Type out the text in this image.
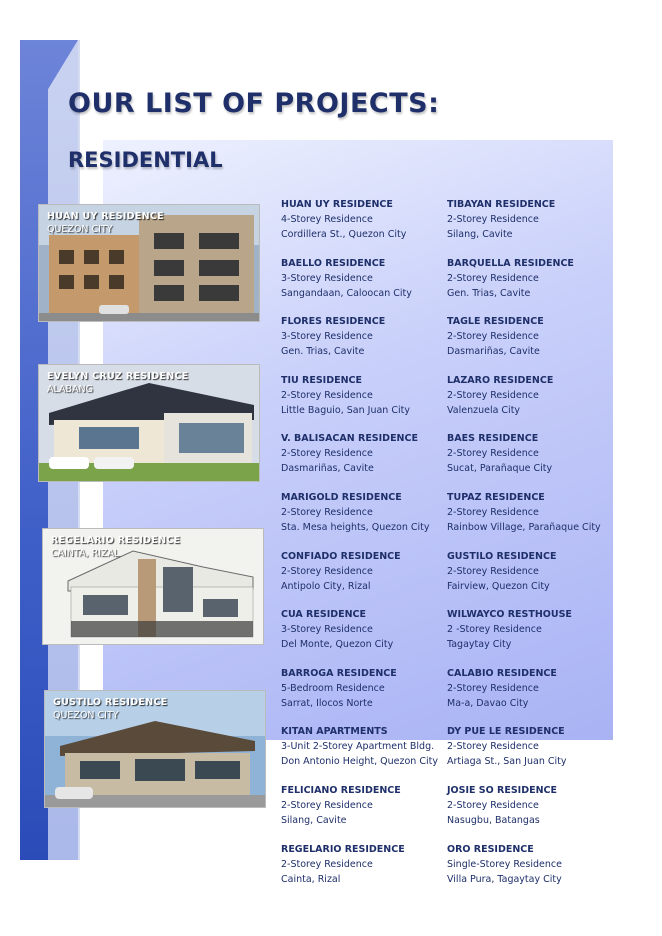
OUR LIST OF PROJECTS:
RESIDENTIAL
HUAN UY RESIDENCE
QUEZON CITY
EVELYN CRUZ RESIDENCE
ALABANG
REGELARIO RESIDENCE
CAINTA, RIZAL
GUSTILO RESIDENCE
QUEZON CITY
HUAN UY RESIDENCE
4-Storey Residence
Cordillera St., Quezon City
BAELLO RESIDENCE
3-Storey Residence
Sangandaan, Caloocan City
FLORES RESIDENCE
3-Storey Residence
Gen. Trias, Cavite
TIU RESIDENCE
2-Storey Residence
Little Baguio, San Juan City
V. BALISACAN RESIDENCE
2-Storey Residence
Dasmariñas, Cavite
MARIGOLD RESIDENCE
2-Storey Residence
Sta. Mesa heights, Quezon City
CONFIADO RESIDENCE
2-Storey Residence
Antipolo City, Rizal
CUA RESIDENCE
3-Storey Residence
Del Monte, Quezon City
BARROGA RESIDENCE
5-Bedroom Residence
Sarrat, Ilocos Norte
KITAN APARTMENTS
3-Unit 2-Storey Apartment Bldg.
Don Antonio Height, Quezon City
FELICIANO RESIDENCE
2-Storey Residence
Silang, Cavite
REGELARIO RESIDENCE
2-Storey Residence
Cainta, Rizal
TIBAYAN RESIDENCE
2-Storey Residence
Silang, Cavite
BARQUELLA RESIDENCE
2-Storey Residence
Gen. Trias, Cavite
TAGLE RESIDENCE
2-Storey Residence
Dasmariñas, Cavite
LAZARO RESIDENCE
2-Storey Residence
Valenzuela City
BAES RESIDENCE
2-Storey Residence
Sucat, Parañaque City
TUPAZ RESIDENCE
2-Storey Residence
Rainbow Village, Parañaque City
GUSTILO RESIDENCE
2-Storey Residence
Fairview, Quezon City
WILWAYCO RESTHOUSE
2 -Storey Residence
Tagaytay City
CALABIO RESIDENCE
2-Storey Residence
Ma-a, Davao City
DY PUE LE RESIDENCE
2-Storey Residence
Artiaga St., San Juan City
JOSIE SO RESIDENCE
2-Storey Residence
Nasugbu, Batangas
ORO RESIDENCE
Single-Storey Residence
Villa Pura, Tagaytay City
